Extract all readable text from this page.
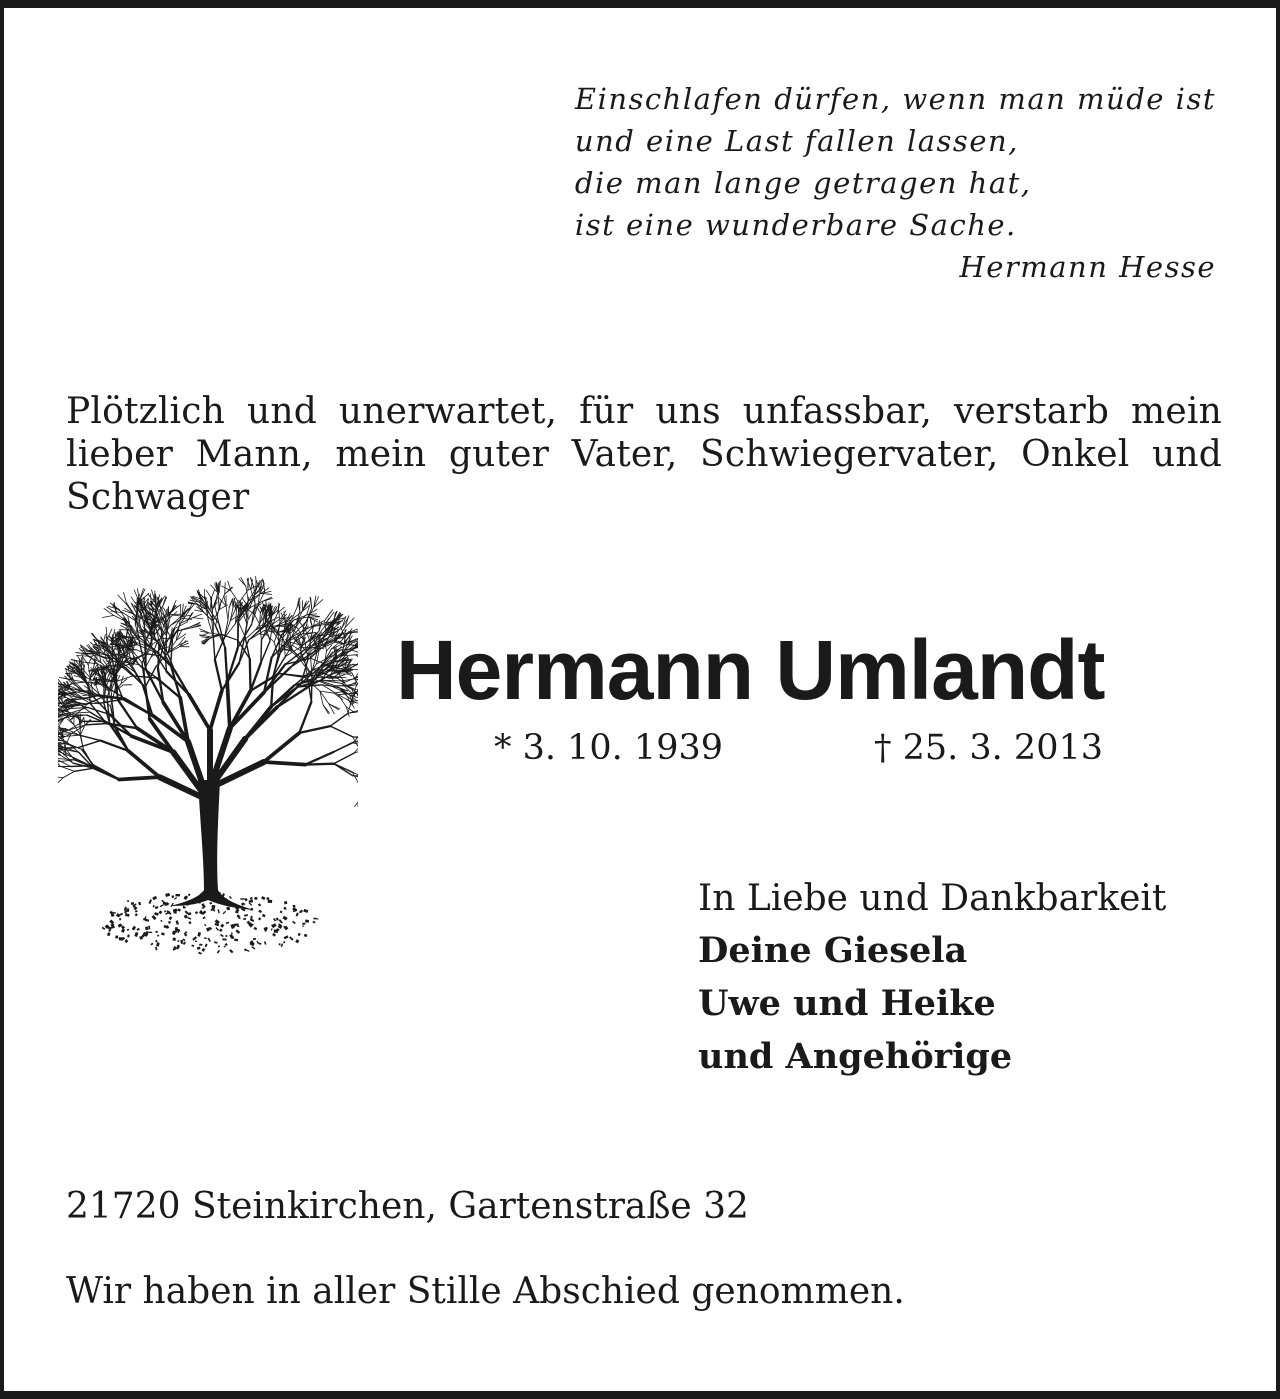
Einschlafen dürfen, wenn man müde ist
und eine Last fallen lassen,
die man lange getragen hat,
ist eine wunderbare Sache.
Hermann Hesse
Plötzlich und unerwartet, für uns unfassbar, verstarb mein lieber Mann, mein guter Vater, Schwiegervater, Onkel und Schwager
Hermann Umlandt
* 3. 10. 1939	† 25. 3. 2013
In Liebe und Dankbarkeit
Deine Giesela
Uwe und Heike
und Angehörige
21720 Steinkirchen, Gartenstraße 32
Wir haben in aller Stille Abschied genommen.
